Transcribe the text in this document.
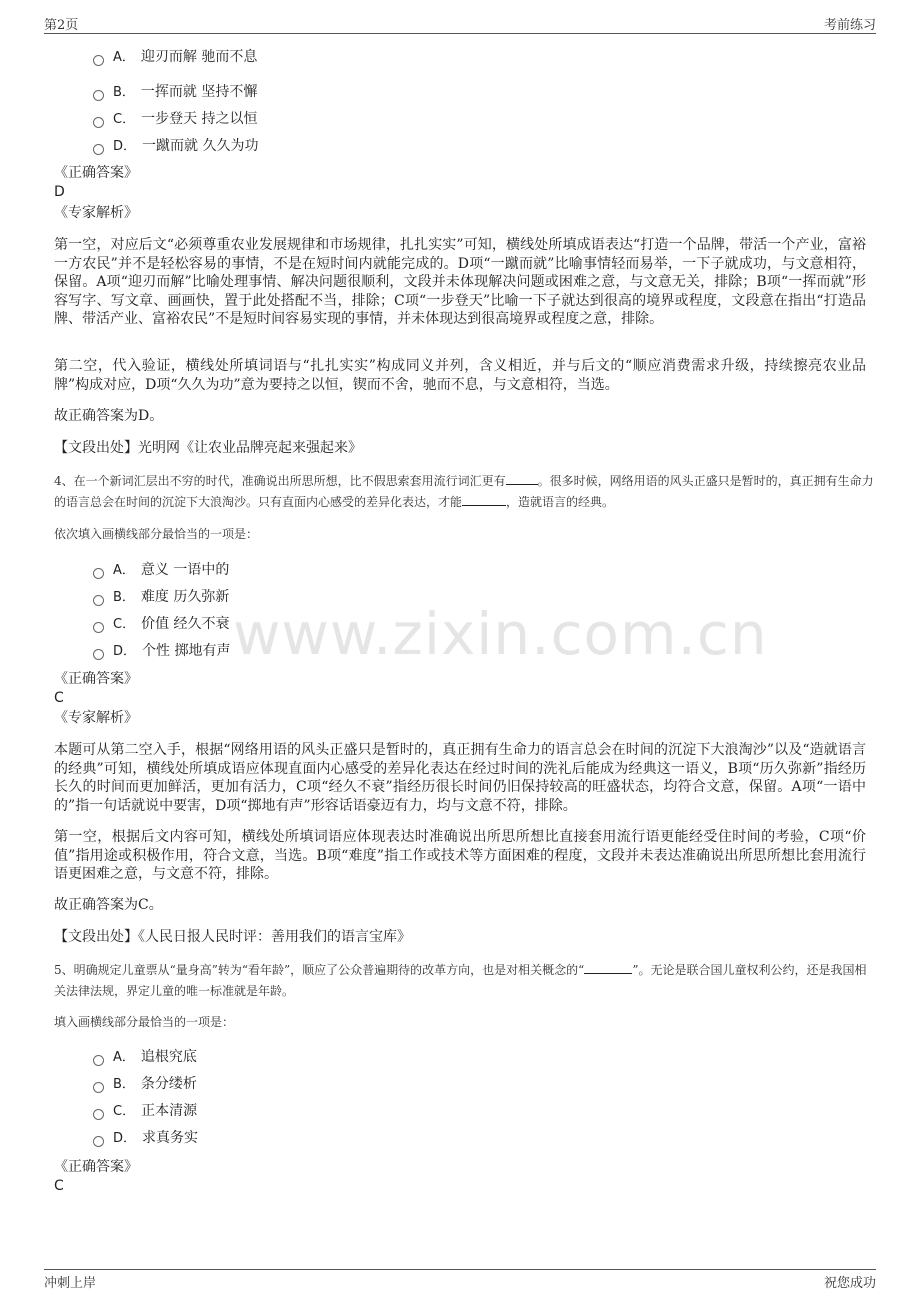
第2页	考前练习
A． 迎刃而解 驰而不息
B． 一挥而就 坚持不懈
C． 一步登天 持之以恒
D． 一蹴而就 久久为功
《正确答案》
D
《专家解析》
第一空，对应后文“必须尊重农业发展规律和市场规律，扎扎实实”可知，横线处所填成语表达“打造一个品牌，带活一个产业，富裕一方农民”并不是轻松容易的事情，不是在短时间内就能完成的。D项“一蹴而就”比喻事情轻而易举，一下子就成功，与文意相符，保留。A项“迎刃而解”比喻处理事情、解决问题很顺利，文段并未体现解决问题或困难之意，与文意无关，排除；B项“一挥而就”形容写字、写文章、画画快，置于此处搭配不当，排除；C项“一步登天”比喻一下子就达到很高的境界或程度，文段意在指出“打造品牌、带活产业、富裕农民”不是短时间容易实现的事情，并未体现达到很高境界或程度之意，排除。
第二空，代入验证，横线处所填词语与“扎扎实实”构成同义并列，含义相近，并与后文的“顺应消费需求升级，持续擦亮农业品牌”构成对应，D项“久久为功”意为要持之以恒，锲而不舍，驰而不息，与文意相符，当选。
故正确答案为D。
【文段出处】光明网《让农业品牌亮起来强起来》
4、在一个新词汇层出不穷的时代，准确说出所思所想，比不假思索套用流行词汇更有	。很多时候，网络用语的风头正盛只是暂时的，真正拥有生命力的语言总会在时间的沉淀下大浪淘沙。只有直面内心感受的差异化表达，才能	，造就语言的经典。
依次填入画横线部分最恰当的一项是：
A． 意义 一语中的
B． 难度 历久弥新
C． 价值 经久不衰
D． 个性 掷地有声
《正确答案》
C
《专家解析》
本题可从第二空入手，根据“网络用语的风头正盛只是暂时的，真正拥有生命力的语言总会在时间的沉淀下大浪淘沙”以及“造就语言的经典”可知，横线处所填成语应体现直面内心感受的差异化表达在经过时间的洗礼后能成为经典这一语义，B项“历久弥新”指经历长久的时间而更加鲜活，更加有活力，C项“经久不衰”指经历很长时间仍旧保持较高的旺盛状态，均符合文意，保留。A项“一语中的”指一句话就说中要害，D项“掷地有声”形容话语豪迈有力，均与文意不符，排除。
第一空，根据后文内容可知，横线处所填词语应体现表达时准确说出所思所想比直接套用流行语更能经受住时间的考验，C项“价值”指用途或积极作用，符合文意，当选。B项“难度”指工作或技术等方面困难的程度，文段并未表达准确说出所思所想比套用流行语更困难之意，与文意不符，排除。
故正确答案为C。
【文段出处】《人民日报人民时评：善用我们的语言宝库》
5、明确规定儿童票从“量身高”转为“看年龄”，顺应了公众普遍期待的改革方向，也是对相关概念的“	”。无论是联合国儿童权利公约，还是我国相关法律法规，界定儿童的唯一标准就是年龄。
填入画横线部分最恰当的一项是：
A． 追根究底
B． 条分缕析
C． 正本清源
D． 求真务实
《正确答案》
C
www.zixin.com.cn
冲刺上岸	祝您成功
